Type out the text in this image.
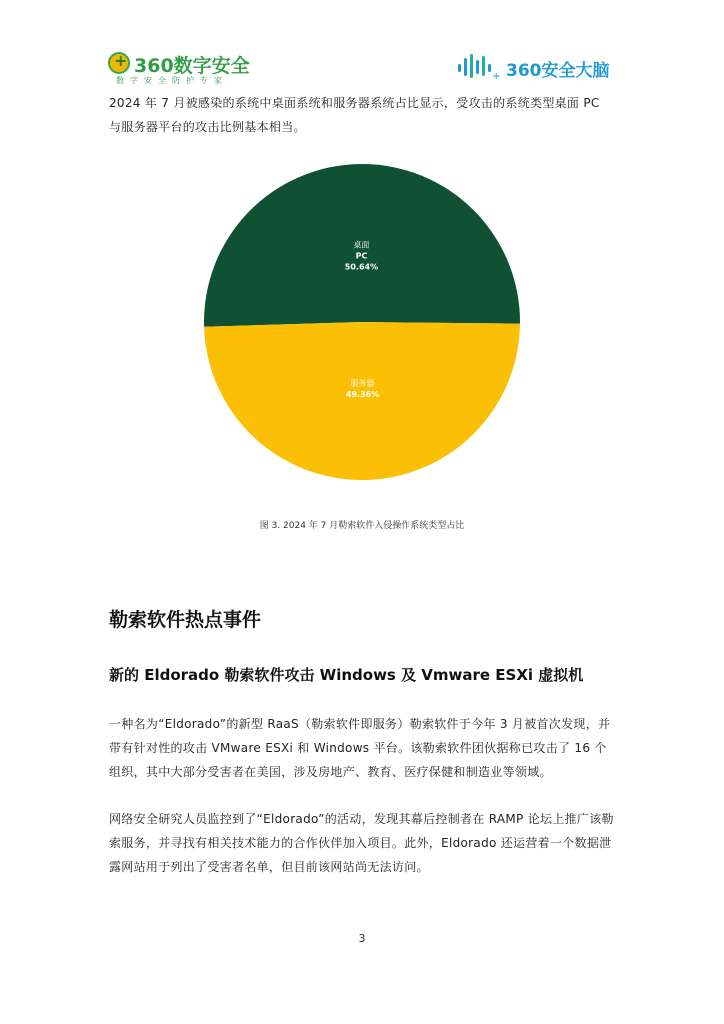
+
360数字安全
数字安全防护专家	+ 360安全大脑

2024 年 7 月被感染的系统中桌面系统和服务器系统占比显示，受攻击的系统类型桌面 PC 与服务器平台的攻击比例基本相当。

桌面
PC
50.64%
服务器
49.36%
图 3. 2024 年 7 月勒索软件入侵操作系统类型占比
勒索软件热点事件
新的 Eldorado 勒索软件攻击 Windows 及 Vmware ESXi 虚拟机

一种名为“Eldorado”的新型 RaaS（勒索软件即服务）勒索软件于今年 3 月被首次发现，并带有针对性的攻击 VMware ESXi 和 Windows 平台。该勒索软件团伙据称已攻击了 16 个组织，其中大部分受害者在美国，涉及房地产、教育、医疗保健和制造业等领域。

网络安全研究人员监控到了“Eldorado”的活动，发现其幕后控制者在 RAMP 论坛上推广该勒索服务，并寻找有相关技术能力的合作伙伴加入项目。此外，Eldorado 还运营着一个数据泄露网站用于列出了受害者名单，但目前该网站尚无法访问。

3
